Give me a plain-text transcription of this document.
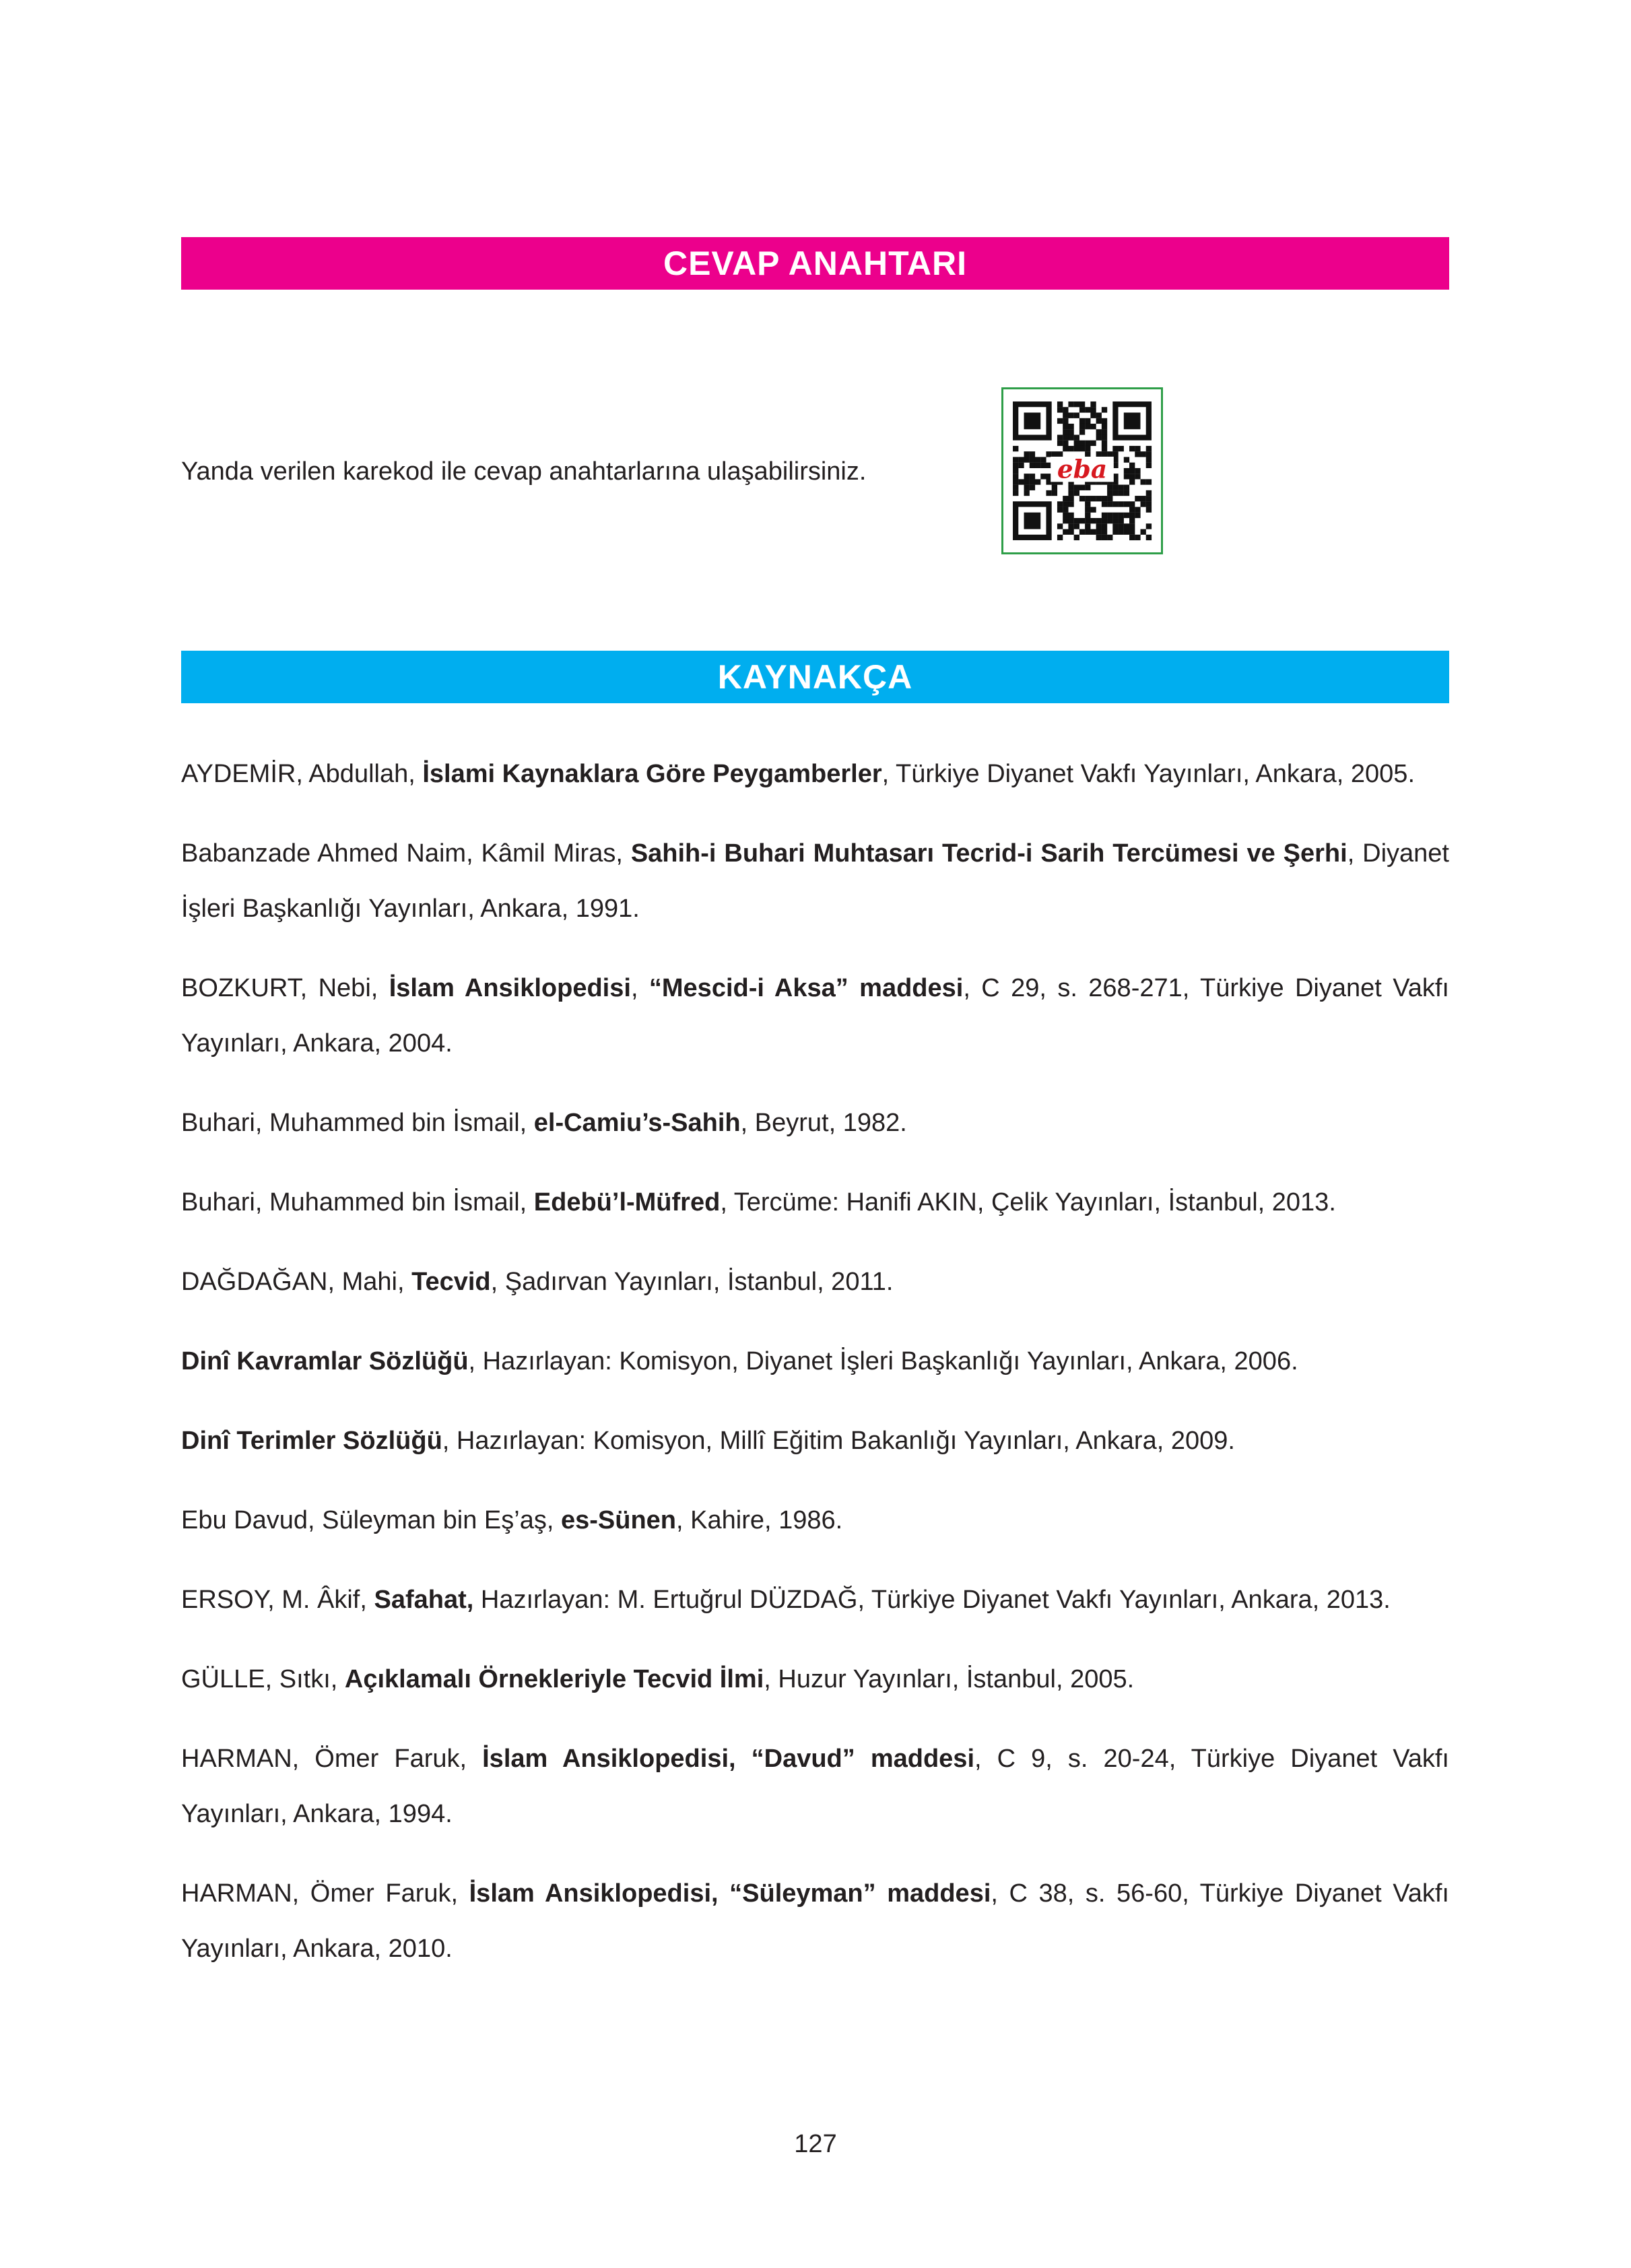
CEVAP ANAHTARI
Yanda verilen karekod ile cevap anahtarlarına ulaşabilirsiniz.	eba
KAYNAKÇA

AYDEMİR, Abdullah, İslami Kaynaklara Göre Peygamberler, Türkiye Diyanet Vakfı Yayınları, Ankara, 2005.

Babanzade Ahmed Naim, Kâmil Miras, Sahih-i Buhari Muhtasarı Tecrid-i Sarih Tercümesi ve Şerhi, Diyanet İşleri Başkanlığı Yayınları, Ankara, 1991.

BOZKURT, Nebi, İslam Ansiklopedisi, “Mescid-i Aksa” maddesi, C 29, s. 268-271, Türkiye Diyanet Vakfı Yayınları, Ankara, 2004.

Buhari, Muhammed bin İsmail, el-Camiu’s-Sahih, Beyrut, 1982.

Buhari, Muhammed bin İsmail, Edebü’l-Müfred, Tercüme: Hanifi AKIN, Çelik Yayınları, İstanbul, 2013.

DAĞDAĞAN, Mahi, Tecvid, Şadırvan Yayınları, İstanbul, 2011.

Dinî Kavramlar Sözlüğü, Hazırlayan: Komisyon, Diyanet İşleri Başkanlığı Yayınları, Ankara, 2006.

Dinî Terimler Sözlüğü, Hazırlayan: Komisyon, Millî Eğitim Bakanlığı Yayınları, Ankara, 2009.

Ebu Davud, Süleyman bin Eş’aş, es-Sünen, Kahire, 1986.

ERSOY, M. Âkif, Safahat, Hazırlayan: M. Ertuğrul DÜZDAĞ, Türkiye Diyanet Vakfı Yayınları, Ankara, 2013.

GÜLLE, Sıtkı, Açıklamalı Örnekleriyle Tecvid İlmi, Huzur Yayınları, İstanbul, 2005.

HARMAN, Ömer Faruk, İslam Ansiklopedisi, “Davud” maddesi, C 9, s. 20-24, Türkiye Diyanet Vakfı Yayınları, Ankara, 1994.

HARMAN, Ömer Faruk, İslam Ansiklopedisi, “Süleyman” maddesi, C 38, s. 56-60, Türkiye Diyanet Vakfı Yayınları, Ankara, 2010.

127
